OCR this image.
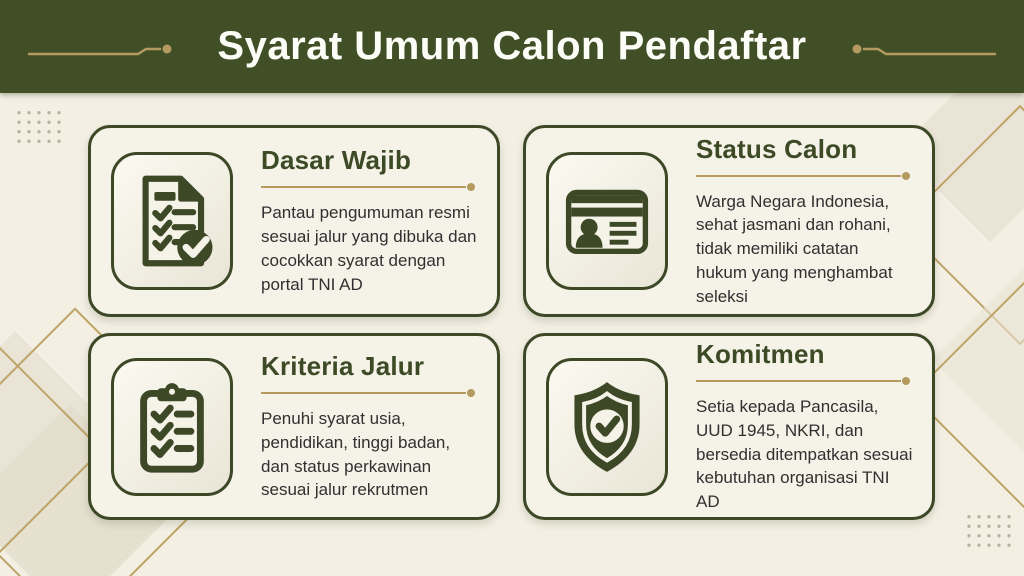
Syarat Umum Calon Pendaftar
Dasar Wajib

Pantau pengumuman resmi sesuai jalur yang dibuka dan cocokkan syarat dengan portal TNI AD

Status Calon

Warga Negara Indonesia, sehat jasmani dan rohani, tidak memiliki catatan hukum yang menghambat seleksi

Kriteria Jalur

Penuhi syarat usia, pendidikan, tinggi badan, dan status perkawinan sesuai jalur rekrutmen

Komitmen

Setia kepada Pancasila, UUD 1945, NKRI, dan bersedia ditempatkan sesuai kebutuhan organisasi TNI AD
